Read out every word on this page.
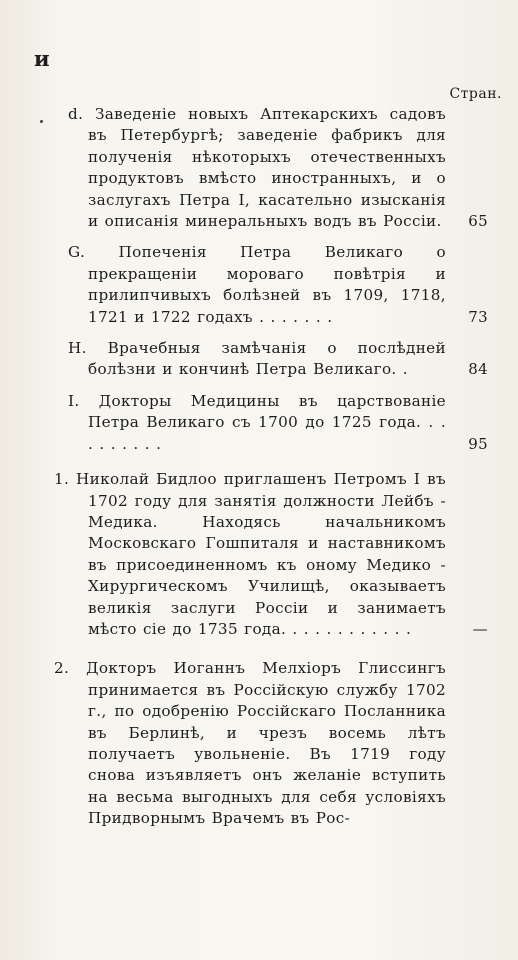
и
Стран.
d. Заведенie новыхъ Аптекарскихъ садовъ въ Петербургѣ; заведенie фабрикъ для полученiя нѣкоторыхъ отечественныхъ продуктовъ вмѣсто иностранныхъ, и о заслугахъ Петра I, касательно изысканiя и описанiя минеральныхъ водъ въ Россiи. 65
G. Попеченiя Петра Великаго о прекращенiи мороваго повѣтрiя и прилипчивыхъ болѣзней въ 1709, 1718, 1721 и 1722 годахъ . . . . . . .	73
H. Врачебныя замѣчанiя о послѣдней болѣзни и кончинѣ Петра Великаго. .	84
I. Докторы Медицины въ царствованiе Петра Великаго съ 1700 до 1725 года. . . . . . . . . .	95
1. Николай Бидлоо приглашенъ Петромъ I въ 1702 году для занятiя должности Лейбъ - Медика. Находясь начальникомъ Московскаго Гошпиталя и наставникомъ въ присоединенномъ къ оному Медико - Хирургическомъ Училищѣ, оказываетъ великiя заслуги Россiи и занимаетъ мѣсто сiе до 1735 года. . . . . . . . . . . .	—
2. Докторъ Иоганнъ Мелхiоръ Глиссингъ принимается въ Россiйскую службу 1702 г., по одобренiю Россiйскаго Посланника въ Берлинѣ, и чрезъ восемь лѣтъ получаетъ увольненiе. Въ 1719 году снова изъявляетъ онъ желанiе вступить на весьма выгодныхъ для себя условiяхъ Придворнымъ Врачемъ въ Рос-
